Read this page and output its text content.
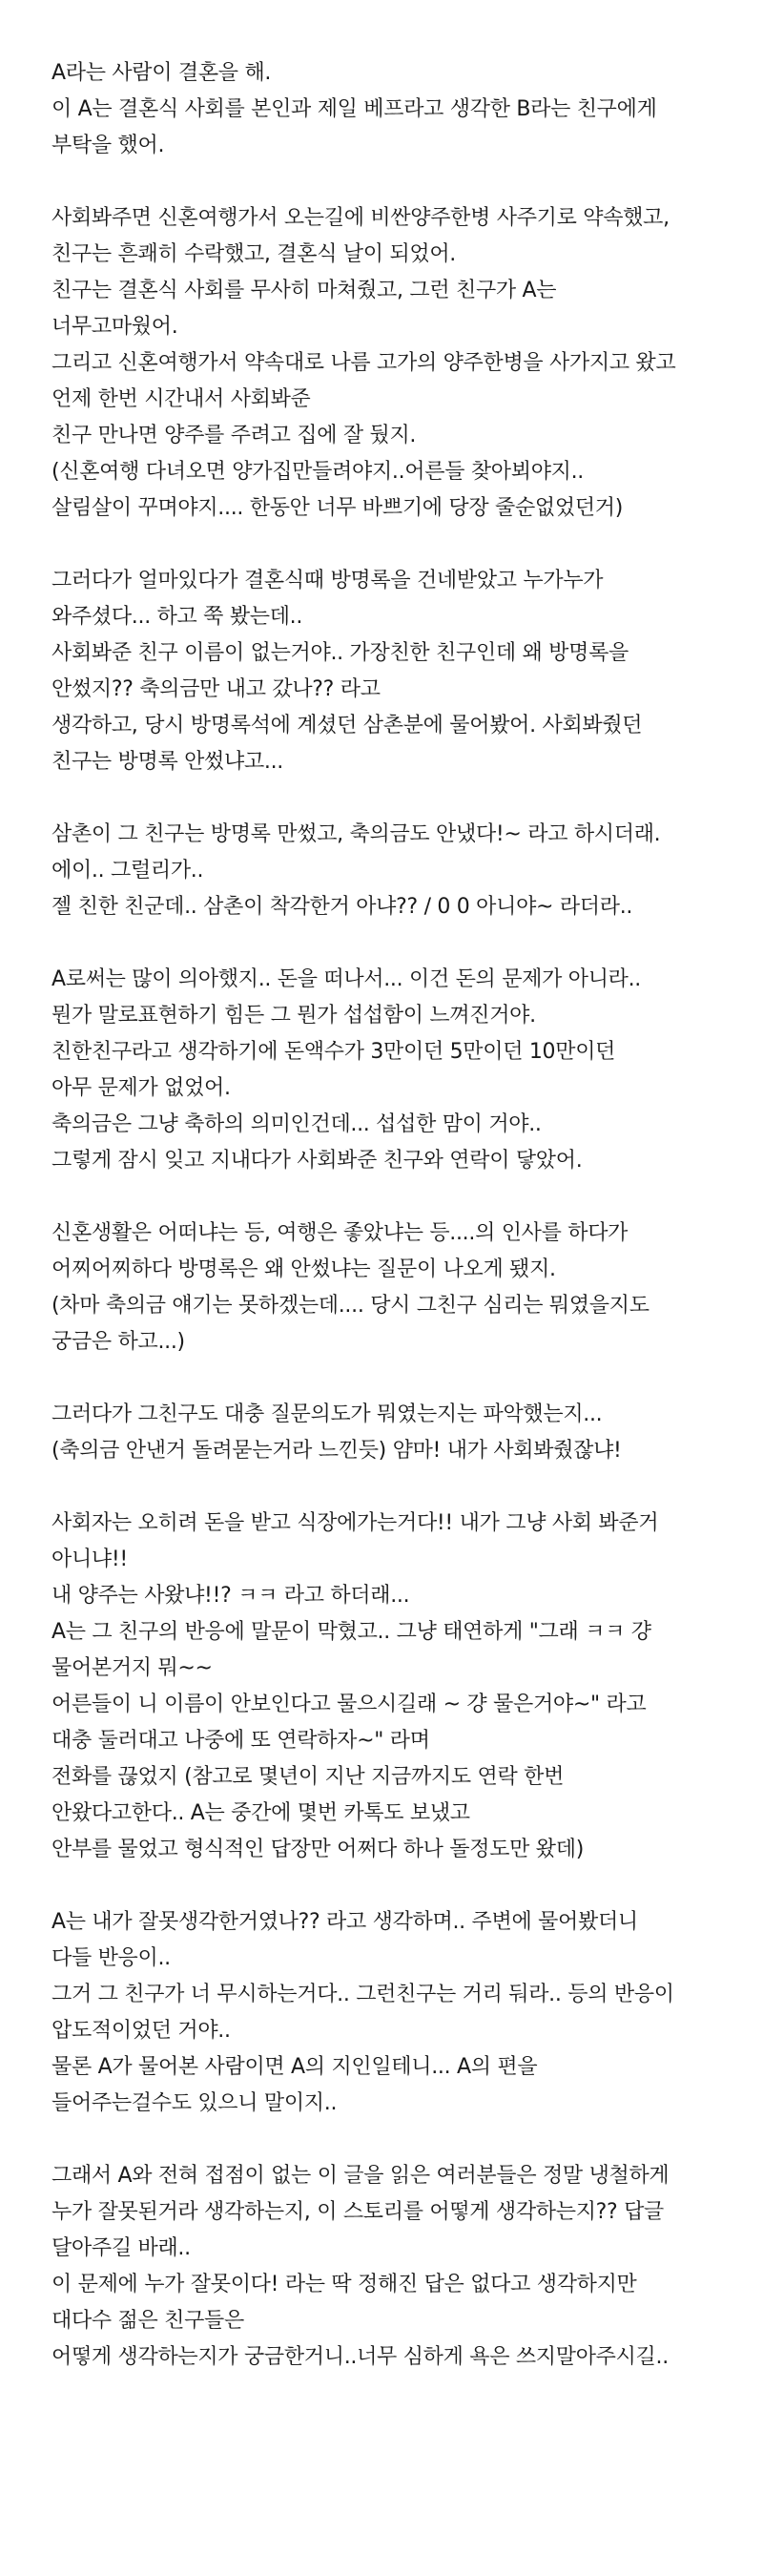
A라는 사람이 결혼을 해.
이 A는 결혼식 사회를 본인과 제일 베프라고 생각한 B라는 친구에게
부탁을 했어.
사회봐주면 신혼여행가서 오는길에 비싼양주한병 사주기로 약속했고,
친구는 흔쾌히 수락했고, 결혼식 날이 되었어.
친구는 결혼식 사회를 무사히 마쳐줬고, 그런 친구가 A는
너무고마웠어.
그리고 신혼여행가서 약속대로 나름 고가의 양주한병을 사가지고 왔고
언제 한번 시간내서 사회봐준
친구 만나면 양주를 주려고 집에 잘 뒀지.
(신혼여행 다녀오면 양가집만들려야지..어른들 찾아뵈야지..
살림살이 꾸며야지.... 한동안 너무 바쁘기에 당장 줄순없었던거)
그러다가 얼마있다가 결혼식때 방명록을 건네받았고 누가누가
와주셨다... 하고 쭉 봤는데..
사회봐준 친구 이름이 없는거야.. 가장친한 친구인데 왜 방명록을
안썼지?? 축의금만 내고 갔나?? 라고
생각하고, 당시 방명록석에 계셨던 삼촌분에 물어봤어. 사회봐줬던
친구는 방명록 안썼냐고...
삼촌이 그 친구는 방명록 만썼고, 축의금도 안냈다!~ 라고 하시더래.
에이.. 그럴리가..
젤 친한 친군데.. 삼촌이 착각한거 아냐?? / 0 0 아니야~ 라더라..
A로써는 많이 의아했지.. 돈을 떠나서... 이건 돈의 문제가 아니라..
뭔가 말로표현하기 힘든 그 뭔가 섭섭함이 느껴진거야.
친한친구라고 생각하기에 돈액수가 3만이던 5만이던 10만이던
아무 문제가 없었어.
축의금은 그냥 축하의 의미인건데... 섭섭한 맘이 거야..
그렇게 잠시 잊고 지내다가 사회봐준 친구와 연락이 닿았어.
신혼생활은 어떠냐는 등, 여행은 좋았냐는 등....의 인사를 하다가
어찌어찌하다 방명록은 왜 안썼냐는 질문이 나오게 됐지.
(차마 축의금 얘기는 못하겠는데.... 당시 그친구 심리는 뭐였을지도
궁금은 하고...)
그러다가 그친구도 대충 질문의도가 뭐였는지는 파악했는지...
(축의금 안낸거 돌려묻는거라 느낀듯) 얌마! 내가 사회봐줬잖냐!
사회자는 오히려 돈을 받고 식장에가는거다!! 내가 그냥 사회 봐준거
아니냐!!
내 양주는 사왔냐!!? ㅋㅋ 라고 하더래...
A는 그 친구의 반응에 말문이 막혔고.. 그냥 태연하게 "그래 ㅋㅋ 걍
물어본거지 뭐~~
어른들이 니 이름이 안보인다고 물으시길래 ~ 걍 물은거야~" 라고
대충 둘러대고 나중에 또 연락하자~" 라며
전화를 끊었지 (참고로 몇년이 지난 지금까지도 연락 한번
안왔다고한다.. A는 중간에 몇번 카톡도 보냈고
안부를 물었고 형식적인 답장만 어쩌다 하나 돌정도만 왔데)
A는 내가 잘못생각한거였나?? 라고 생각하며.. 주변에 물어봤더니
다들 반응이..
그거 그 친구가 너 무시하는거다.. 그런친구는 거리 둬라.. 등의 반응이
압도적이었던 거야..
물론 A가 물어본 사람이면 A의 지인일테니... A의 편을
들어주는걸수도 있으니 말이지..
그래서 A와 전혀 접점이 없는 이 글을 읽은 여러분들은 정말 냉철하게
누가 잘못된거라 생각하는지, 이 스토리를 어떻게 생각하는지?? 답글
달아주길 바래..
이 문제에 누가 잘못이다! 라는 딱 정해진 답은 없다고 생각하지만
대다수 젊은 친구들은
어떻게 생각하는지가 궁금한거니..너무 심하게 욕은 쓰지말아주시길..
